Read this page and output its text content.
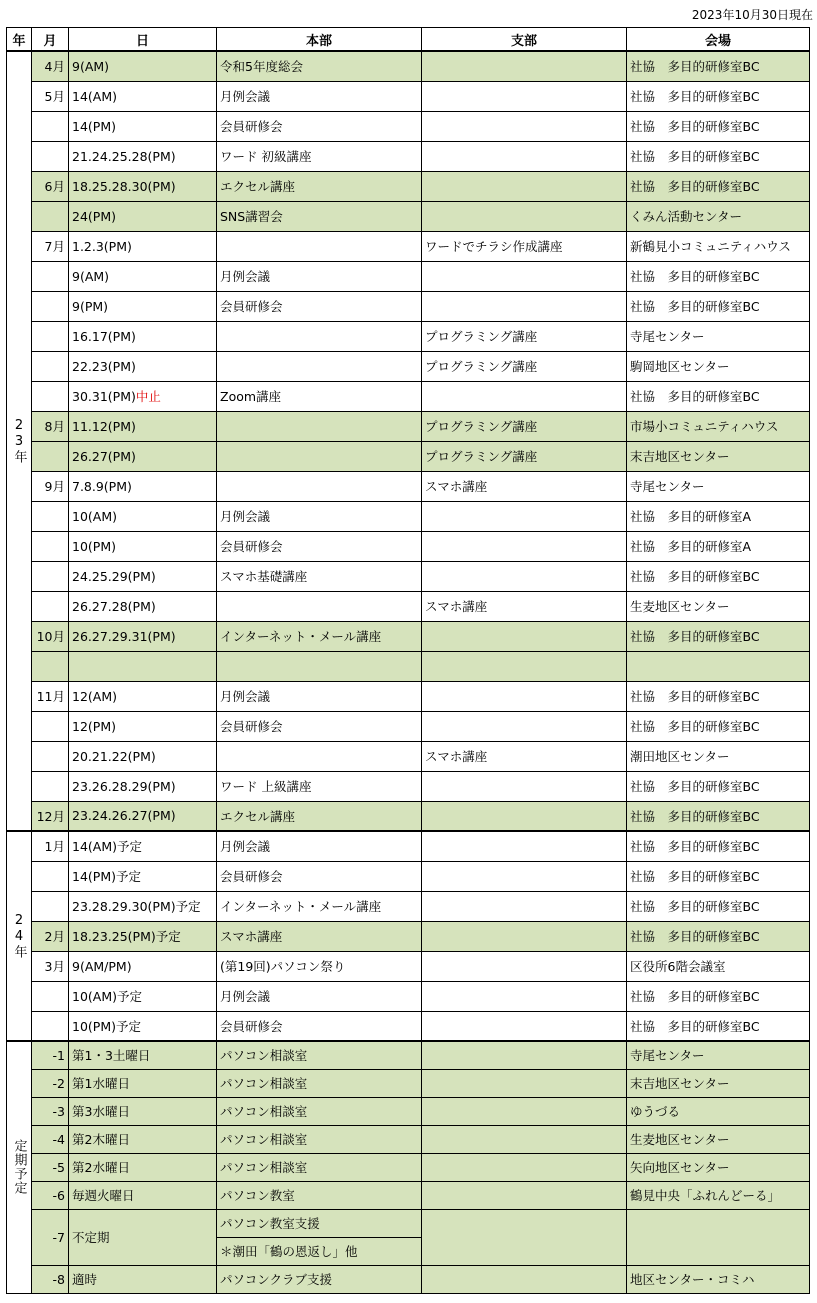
2023年10月30日現在
年	月	日	本部	支部	会場
23年	4月	9(AM)	令和5年度総会		社協　多目的研修室BC
	5月	14(AM)	月例会議		社協　多目的研修室BC
		14(PM)	会員研修会		社協　多目的研修室BC
		21.24.25.28(PM)	ワード 初級講座		社協　多目的研修室BC
	6月	18.25.28.30(PM)	エクセル講座		社協　多目的研修室BC
		24(PM)	SNS講習会		くみん活動センター
	7月	1.2.3(PM)		ワードでチラシ作成講座	新鶴見小コミュニティハウス
		9(AM)	月例会議		社協　多目的研修室BC
		9(PM)	会員研修会		社協　多目的研修室BC
		16.17(PM)		プログラミング講座	寺尾センター
		22.23(PM)		プログラミング講座	駒岡地区センター
		30.31(PM)中止	Zoom講座		社協　多目的研修室BC
	8月	11.12(PM)		プログラミング講座	市場小コミュニティハウス
		26.27(PM)		プログラミング講座	末吉地区センター
	9月	7.8.9(PM)		スマホ講座	寺尾センター
		10(AM)	月例会議		社協　多目的研修室A
		10(PM)	会員研修会		社協　多目的研修室A
		24.25.29(PM)	スマホ基礎講座		社協　多目的研修室BC
		26.27.28(PM)		スマホ講座	生麦地区センター
	10月	26.27.29.31(PM)	インターネット・メール講座		社協　多目的研修室BC

	11月	12(AM)	月例会議		社協　多目的研修室BC
		12(PM)	会員研修会		社協　多目的研修室BC
		20.21.22(PM)		スマホ講座	潮田地区センター
		23.26.28.29(PM)	ワード 上級講座		社協　多目的研修室BC
	12月	23.24.26.27(PM)	エクセル講座		社協　多目的研修室BC
24年	1月	14(AM)予定	月例会議		社協　多目的研修室BC
		14(PM)予定	会員研修会		社協　多目的研修室BC
		23.28.29.30(PM)予定	インターネット・メール講座		社協　多目的研修室BC
	2月	18.23.25(PM)予定	スマホ講座		社協　多目的研修室BC
	3月	9(AM/PM)	(第19回)パソコン祭り		区役所6階会議室
		10(AM)予定	月例会議		社協　多目的研修室BC
		10(PM)予定	会員研修会		社協　多目的研修室BC
定期予定	-1	第1・3土曜日	パソコン相談室		寺尾センター
	-2	第1水曜日	パソコン相談室		末吉地区センター
	-3	第3水曜日	パソコン相談室		ゆうづる
	-4	第2木曜日	パソコン相談室		生麦地区センター
	-5	第2水曜日	パソコン相談室		矢向地区センター
	-6	毎週火曜日	パソコン教室		鶴見中央「ふれんどーる」
	-7	不定期	パソコン教室支援		
			＊潮田「鶴の恩返し」他		
	-8	適時	パソコンクラブ支援		地区センター・コミハ
